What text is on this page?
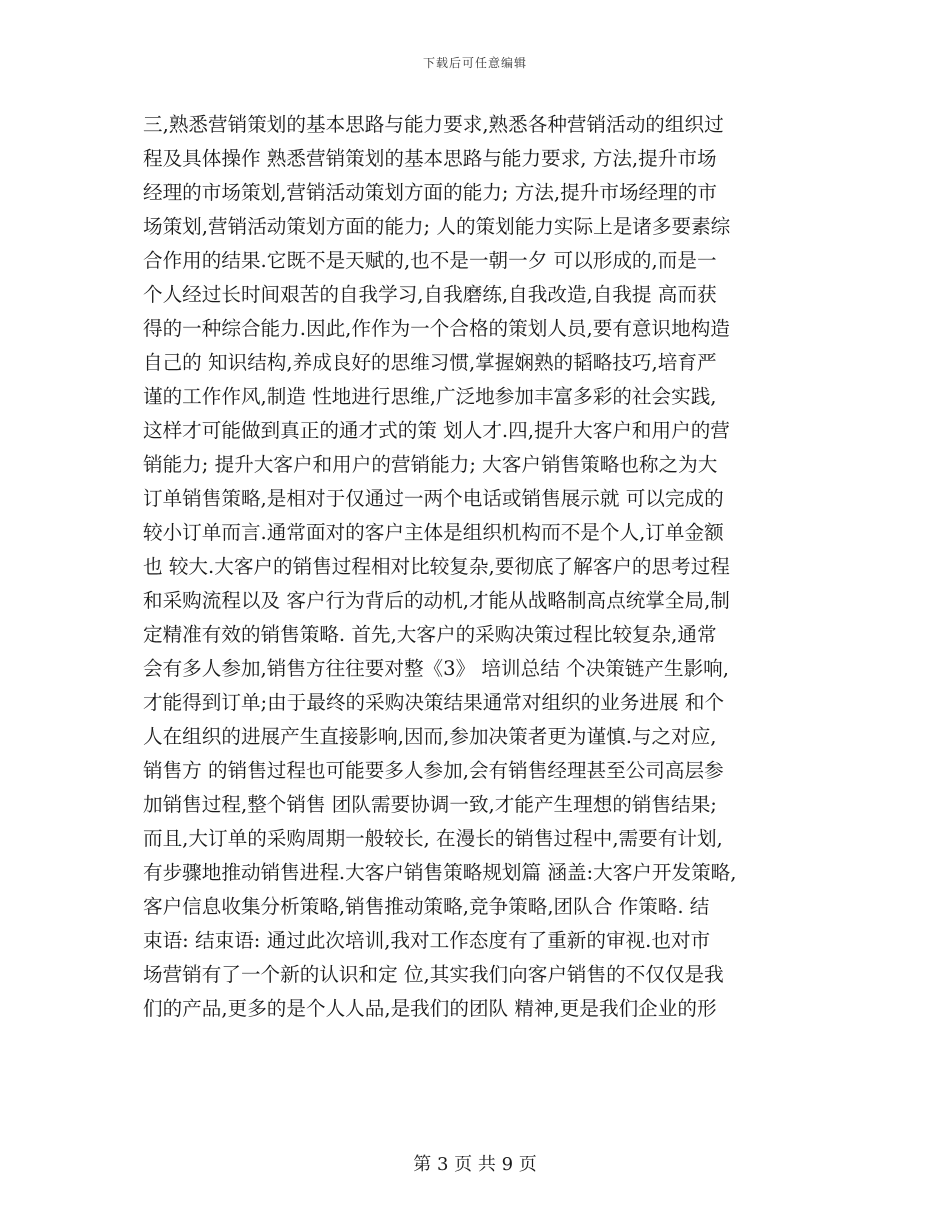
下载后可任意编辑
三,熟悉营销策划的基本思路与能力要求,熟悉各种营销活动的组织过
程及具体操作 熟悉营销策划的基本思路与能力要求, 方法,提升市场
经理的市场策划,营销活动策划方面的能力; 方法,提升市场经理的市
场策划,营销活动策划方面的能力; 人的策划能力实际上是诸多要素综
合作用的结果.它既不是天赋的,也不是一朝一夕 可以形成的,而是一
个人经过长时间艰苦的自我学习,自我磨练,自我改造,自我提 高而获
得的一种综合能力.因此,作作为一个合格的策划人员,要有意识地构造
自己的 知识结构,养成良好的思维习惯,掌握娴熟的韬略技巧,培育严
谨的工作作风,制造 性地进行思维,广泛地参加丰富多彩的社会实践,
这样才可能做到真正的通才式的策 划人才.四,提升大客户和用户的营
销能力; 提升大客户和用户的营销能力; 大客户销售策略也称之为大
订单销售策略,是相对于仅通过一两个电话或销售展示就 可以完成的
较小订单而言.通常面对的客户主体是组织机构而不是个人,订单金额
也 较大.大客户的销售过程相对比较复杂,要彻底了解客户的思考过程
和采购流程以及 客户行为背后的动机,才能从战略制高点统掌全局,制
定精准有效的销售策略. 首先,大客户的采购决策过程比较复杂,通常
会有多人参加,销售方往往要对整《3》 培训总结 个决策链产生影响,
才能得到订单;由于最终的采购决策结果通常对组织的业务进展 和个
人在组织的进展产生直接影响,因而,参加决策者更为谨慎.与之对应,
销售方 的销售过程也可能要多人参加,会有销售经理甚至公司高层参
加销售过程,整个销售 团队需要协调一致,才能产生理想的销售结果;
而且,大订单的采购周期一般较长, 在漫长的销售过程中,需要有计划,
有步骤地推动销售进程.大客户销售策略规划篇 涵盖:大客户开发策略,
客户信息收集分析策略,销售推动策略,竞争策略,团队合 作策略. 结
束语: 结束语: 通过此次培训,我对工作态度有了重新的审视.也对市
场营销有了一个新的认识和定 位,其实我们向客户销售的不仅仅是我
们的产品,更多的是个人人品,是我们的团队 精神,更是我们企业的形
第 3 页 共 9 页
